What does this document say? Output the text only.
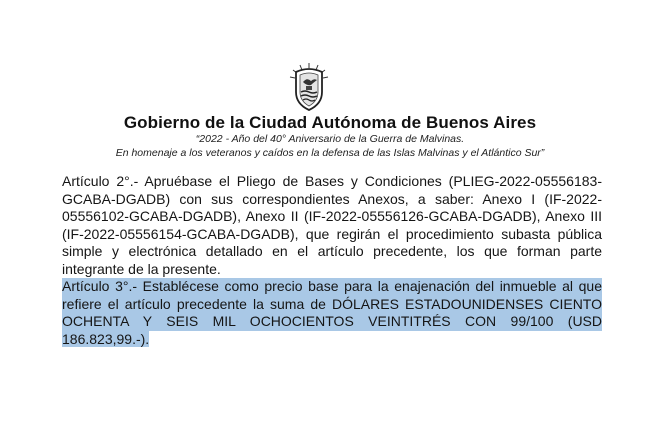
Gobierno de la Ciudad Autónoma de Buenos Aires
“2022 - Año del 40° Aniversario de la Guerra de Malvinas.
En homenaje a los veteranos y caídos en la defensa de las Islas Malvinas y el Atlántico Sur”
Artículo 2°.- Apruébase el Pliego de Bases y Condiciones (PLIEG-2022-05556183-
GCABA-DGADB) con sus correspondientes Anexos, a saber: Anexo I (IF-2022-
05556102-GCABA-DGADB), Anexo II (IF-2022-05556126-GCABA-DGADB), Anexo III
(IF-2022-05556154-GCABA-DGADB), que regirán el procedimiento subasta pública
simple y electrónica detallado en el artículo precedente, los que forman parte
integrante de la presente.
Artículo 3°.- Establécese como precio base para la enajenación del inmueble al que
refiere el artículo precedente la suma de DÓLARES ESTADOUNIDENSES CIENTO
OCHENTA Y SEIS MIL OCHOCIENTOS VEINTITRÉS CON 99/100 (USD
186.823,99.-).
